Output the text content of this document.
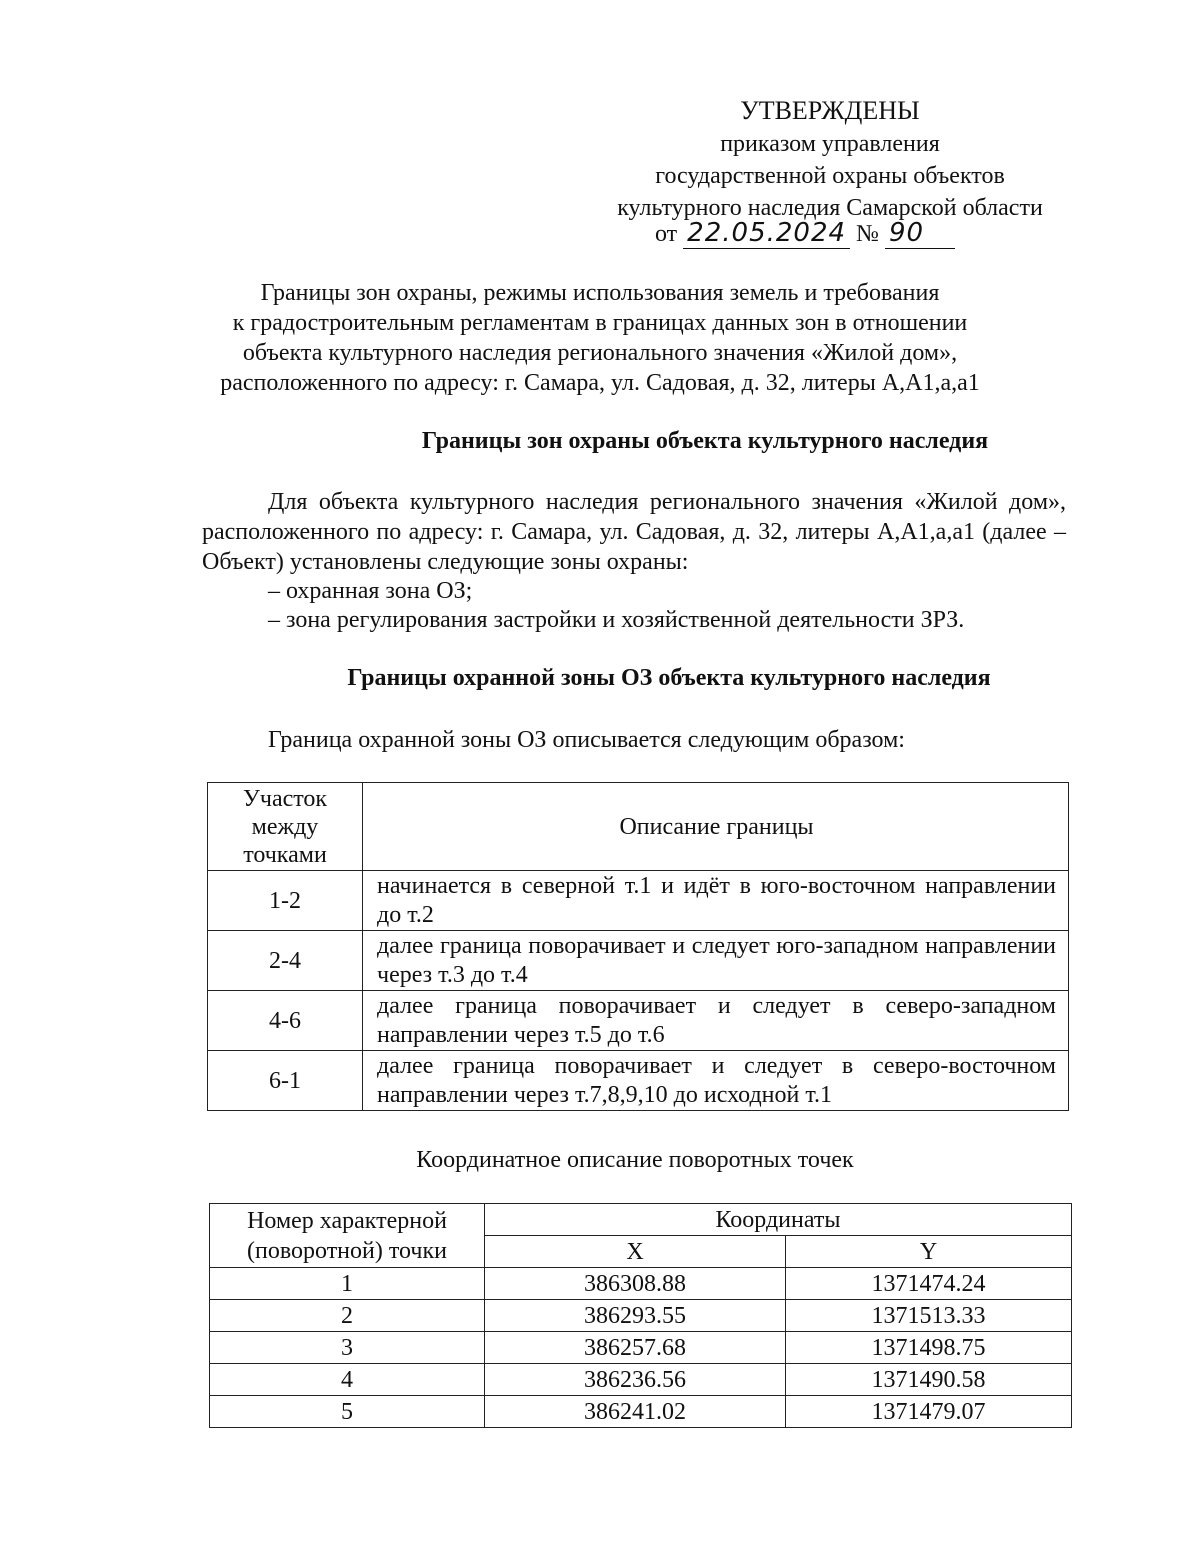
УТВЕРЖДЕНЫ
приказом управления
государственной охраны объектов
культурного наследия Самарской области
от 22.05.2024 № 90
Границы зон охраны, режимы использования земель и требования
к градостроительным регламентам в границах данных зон в отношении
объекта культурного наследия регионального значения «Жилой дом»,
расположенного по адресу: г. Самара, ул. Садовая, д. 32, литеры А,А1,а,а1
Границы зон охраны объекта культурного наследия
Для объекта культурного наследия регионального значения «Жилой дом», расположенного по адресу: г. Самара, ул. Садовая, д. 32, литеры А,А1,а,а1 (далее – Объект) установлены следующие зоны охраны:
– охранная зона ОЗ;
– зона регулирования застройки и хозяйственной деятельности ЗРЗ.
Границы охранной зоны ОЗ объекта культурного наследия
Граница охранной зоны ОЗ описывается следующим образом:
Участок между точками	Описание границы
1-2	начинается в северной т.1 и идёт в юго-восточном направлении до т.2
2-4	далее граница поворачивает и следует юго-западном направлении через т.3 до т.4
4-6	далее граница поворачивает и следует в северо-западном направлении через т.5 до т.6
6-1	далее граница поворачивает и следует в северо-восточном направлении через т.7,8,9,10 до исходной т.1
Координатное описание поворотных точек
Номер характерной (поворотной) точки	Координаты	
	X	Y
1	386308.88	1371474.24
2	386293.55	1371513.33
3	386257.68	1371498.75
4	386236.56	1371490.58
5	386241.02	1371479.07
